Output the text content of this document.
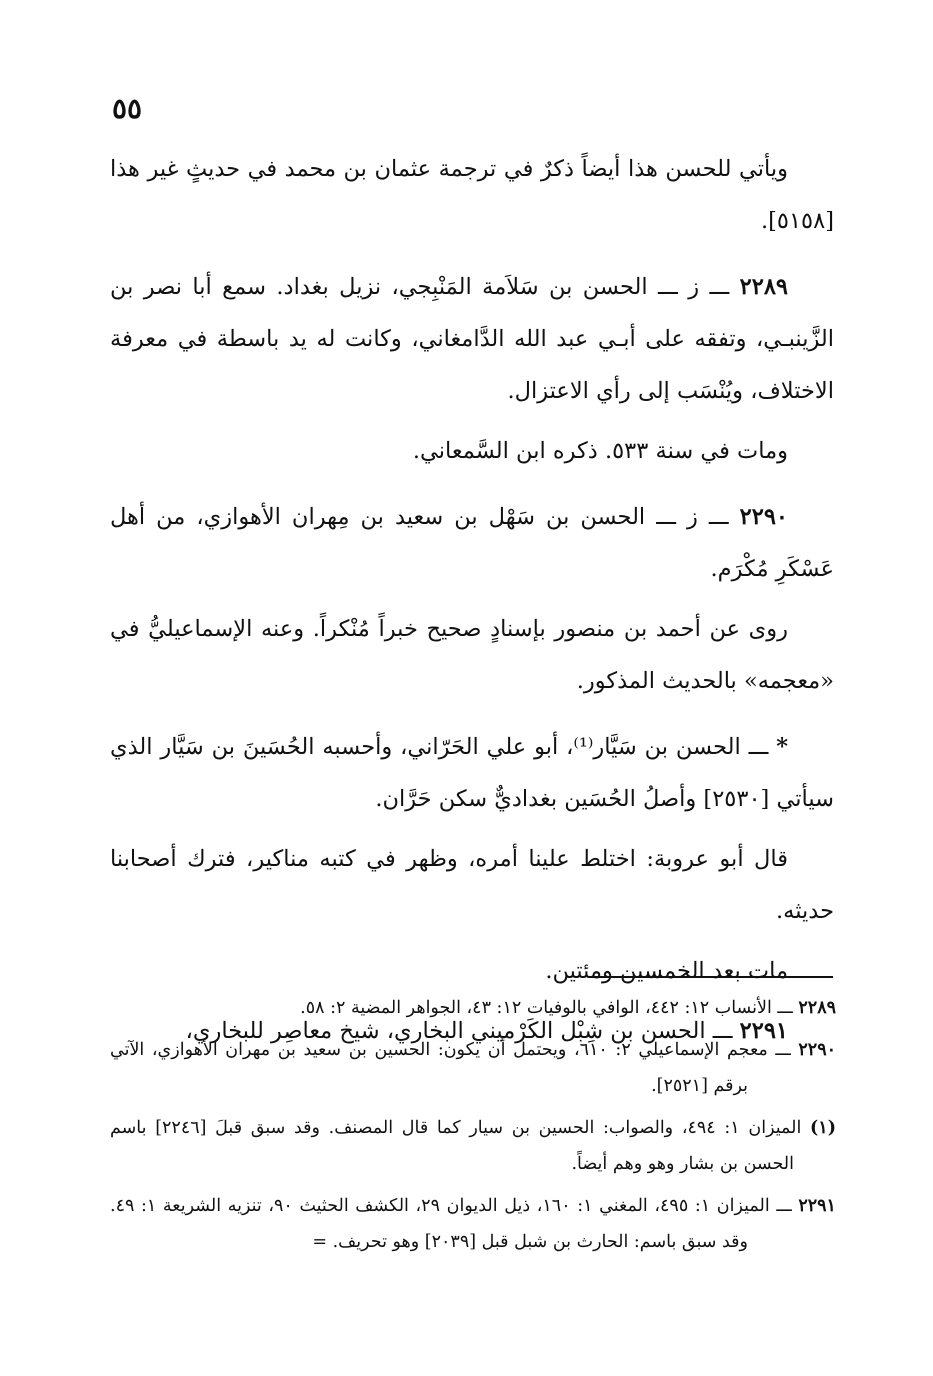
٥٥

ويأتي للحسن هذا أيضاً ذكرٌ في ترجمة عثمان بن محمد في حديثٍ غير هذا [٥١٥٨].

٢٢٨٩ ـــ ز ـــ الحسن بن سَلاَمة المَنْبِجي، نزيل بغداد. سمع أبا نصر بن الزَّينبـي، وتفقه على أبـي عبد الله الدَّامغاني، وكانت له يد باسطة في معرفة الاختلاف، ويُنْسَب إلى رأي الاعتزال.

ومات في سنة ٥٣٣. ذكره ابن السَّمعاني.

٢٢٩٠ ـــ ز ـــ الحسن بن سَهْل بن سعيد بن مِهران الأهوازي، من أهل عَسْكَرِ مُكْرَم.

روى عن أحمد بن منصور بإسنادٍ صحيح خبراً مُنْكراً. وعنه الإسماعيليُّ في «معجمه» بالحديث المذكور.

* ـــ الحسن بن سَيَّار⁽¹⁾، أبو علي الحَرّاني، وأحسبه الحُسَينَ بن سَيَّار الذي سيأتي [٢٥٣٠] وأصلُ الحُسَين بغداديٌّ سكن حَرَّان.

قال أبو عروبة: اختلط علينا أمره، وظهر في كتبه مناكير، فترك أصحابنا حديثه.

مات بعد الخمسين ومئتين.

٢٢٩١ ـــ الحسن بن شِبْل الكَرْميني البخاري، شيخ معاصِر للبخاري،

٢٢٨٩ ـــ الأنساب ١٢: ٤٤٢، الوافي بالوفيات ١٢: ٤٣، الجواهر المضية ٢: ٥٨.

٢٢٩٠ ـــ معجم الإسماعيلي ٢: ٦١٠، ويحتمل أن يكون: الحسين بن سعيد بن مهران الأهوازي، الآتي برقم [٢٥٢١].

(١) الميزان ١: ٤٩٤، والصواب: الحسين بن سيار كما قال المصنف. وقد سبق قبلَ [٢٢٤٦] باسم الحسن بن بشار وهو وهم أيضاً.

٢٢٩١ ـــ الميزان ١: ٤٩٥، المغني ١: ١٦٠، ذيل الديوان ٢٩، الكشف الحثيث ٩٠، تنزيه الشريعة ١: ٤٩. وقد سبق باسم: الحارث بن شبل قبل [٢٠٣٩] وهو تحريف. =
